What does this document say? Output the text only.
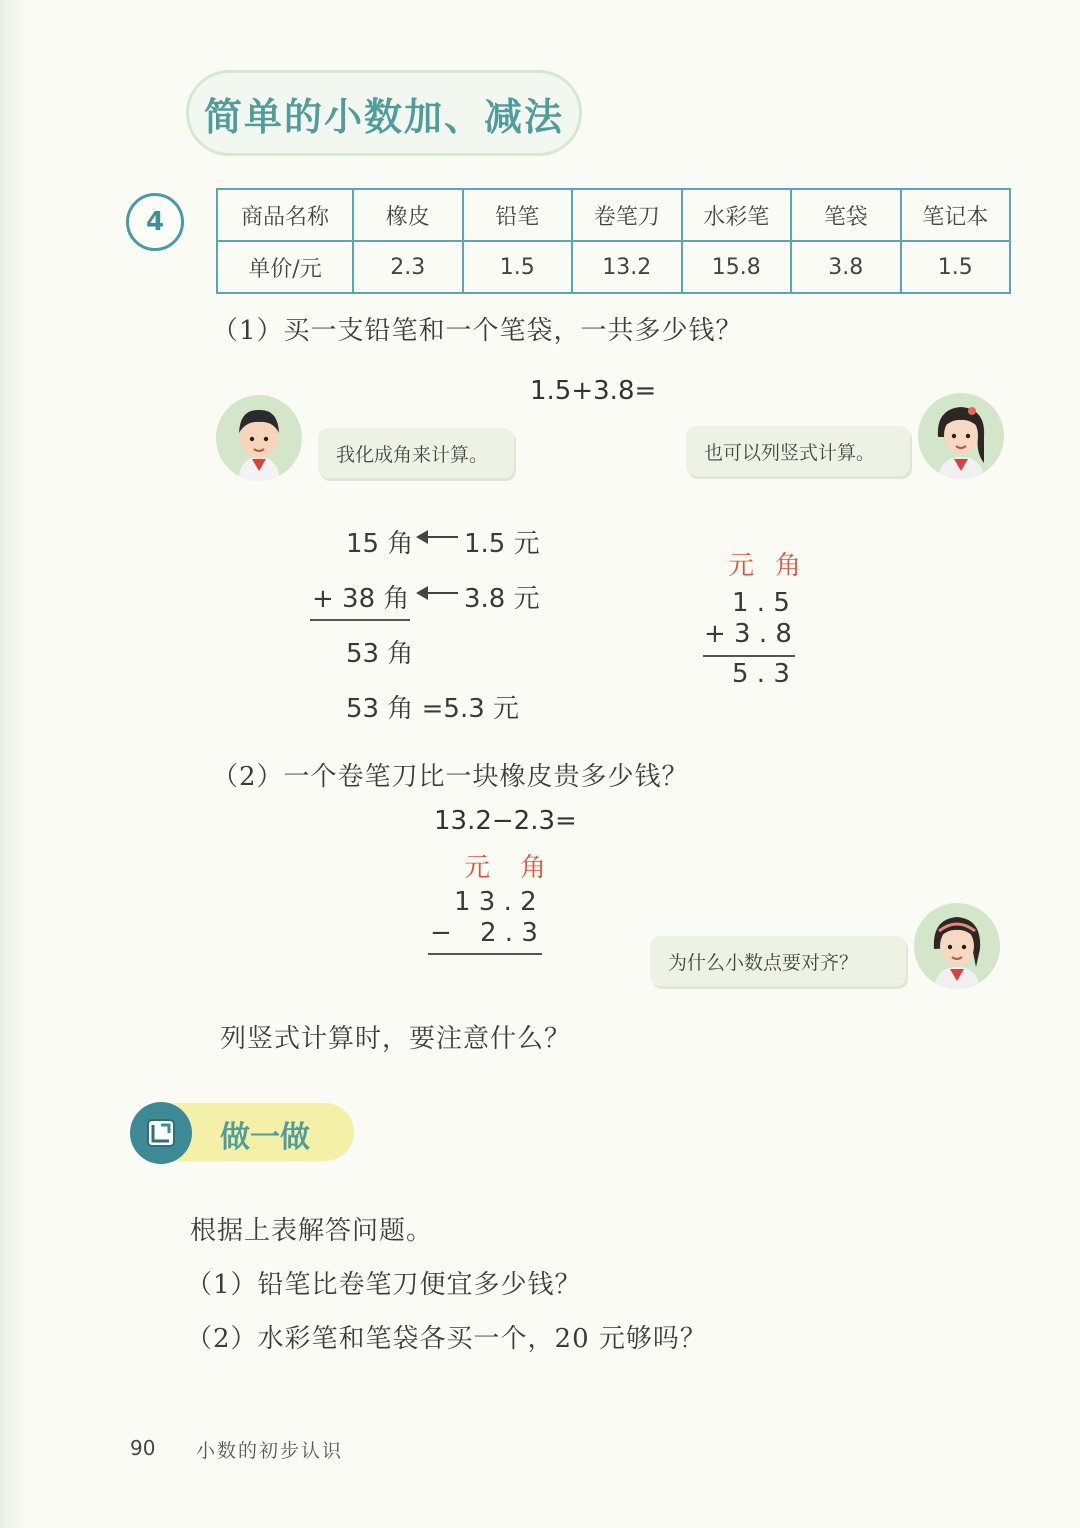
简单的小数加、减法
4	商品名称	橡皮	铅笔	卷笔刀	水彩笔	笔袋	笔记本
单价/元	2.3	1.5	13.2	15.8	3.8	1.5
（1）买一支铅笔和一个笔袋，一共多少钱？
1.5+3.8=
我化成角来计算。	也可以列竖式计算。
15 角 1.5 元
+ 38 角 3.8 元
53 角
53 角 =5.3 元
元 角
1 . 5
+ 3 . 8
5 . 3
（2）一个卷笔刀比一块橡皮贵多少钱？
13.2−2.3=
元 角
1 3 . 2
− 2 . 3
为什么小数点要对齐？
列竖式计算时，要注意什么？
做一做
根据上表解答问题。
（1）铅笔比卷笔刀便宜多少钱？
（2）水彩笔和笔袋各买一个，20 元够吗？
90 小数的初步认识
